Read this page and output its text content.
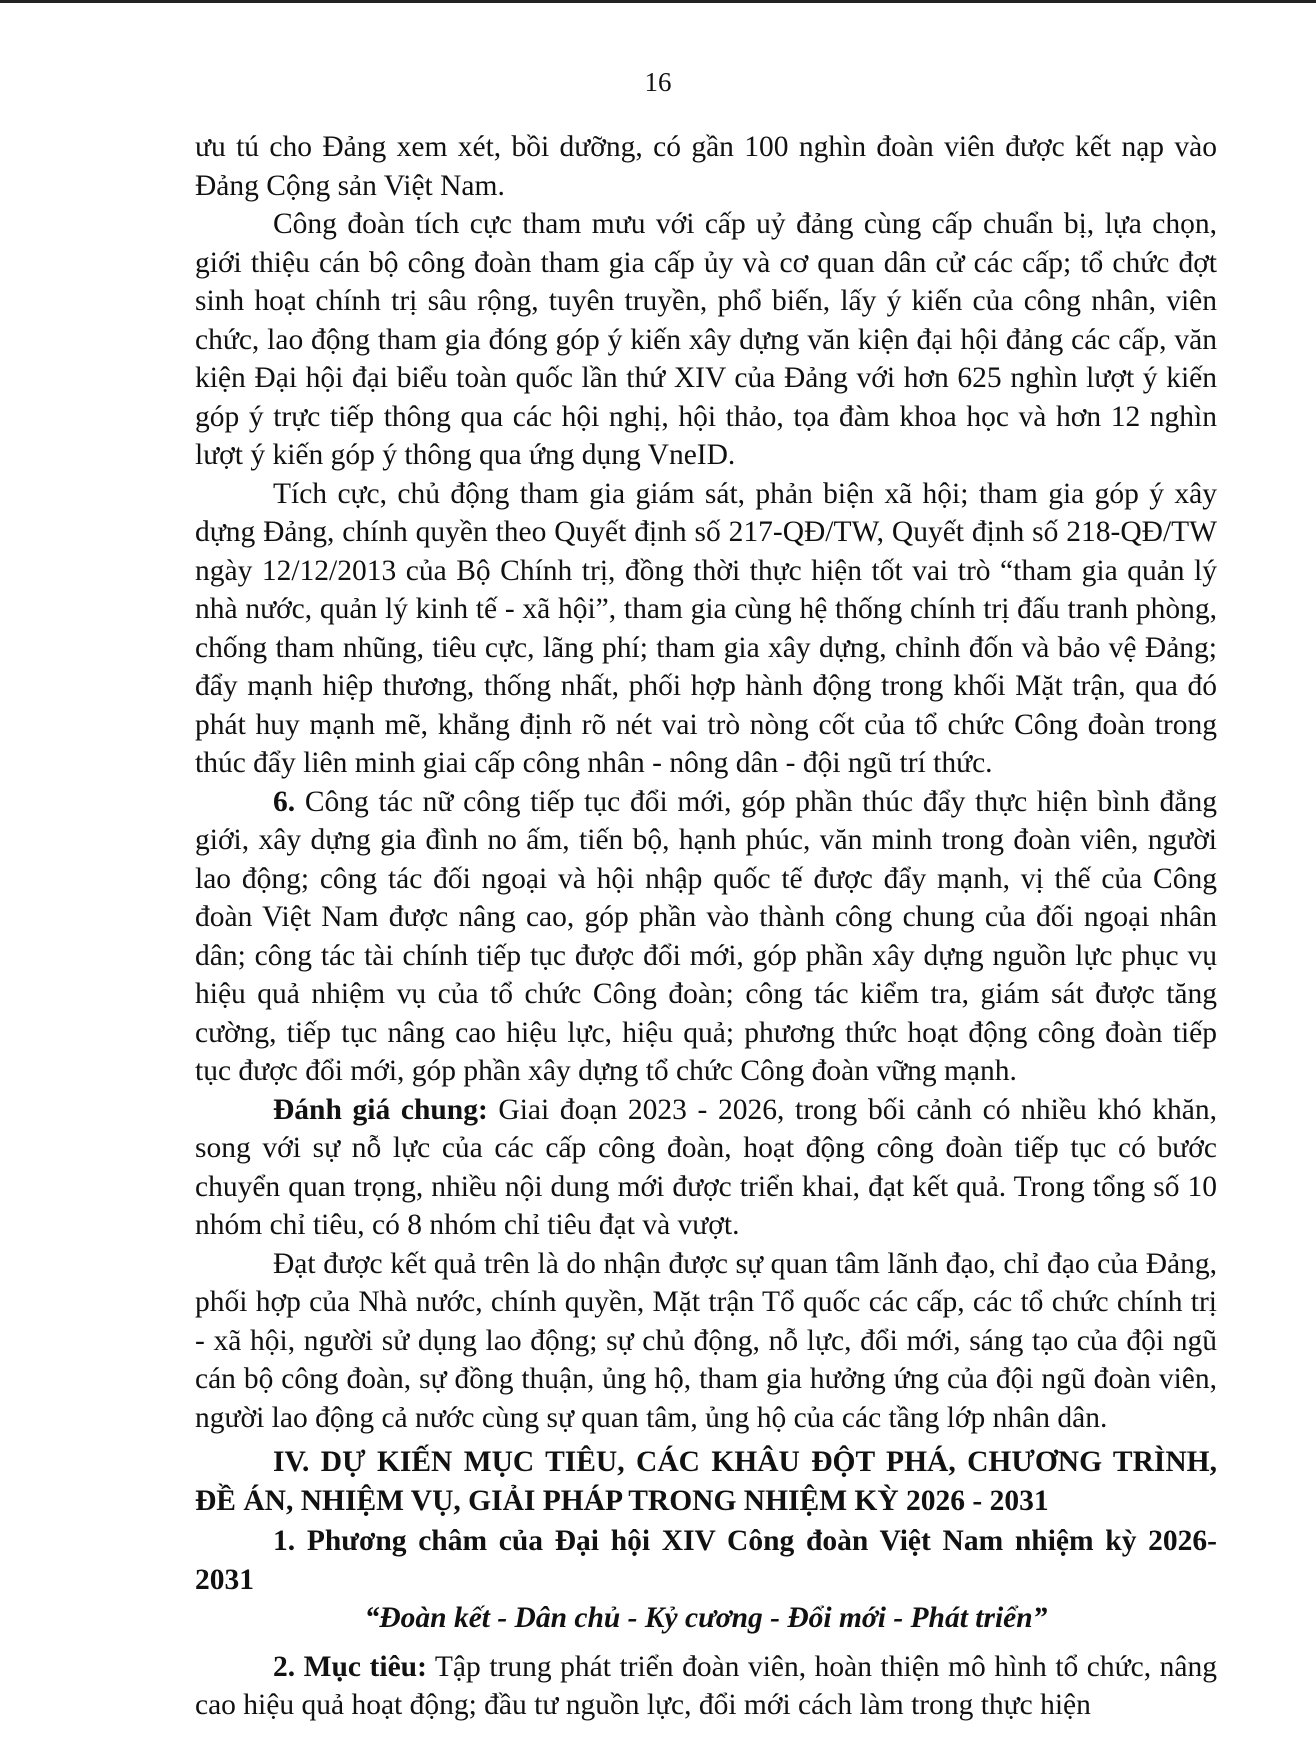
16

ưu tú cho Đảng xem xét, bồi dưỡng, có gần 100 nghìn đoàn viên được kết nạp vào Đảng Cộng sản Việt Nam.

Công đoàn tích cực tham mưu với cấp uỷ đảng cùng cấp chuẩn bị, lựa chọn, giới thiệu cán bộ công đoàn tham gia cấp ủy và cơ quan dân cử các cấp; tổ chức đợt sinh hoạt chính trị sâu rộng, tuyên truyền, phổ biến, lấy ý kiến của công nhân, viên chức, lao động tham gia đóng góp ý kiến xây dựng văn kiện đại hội đảng các cấp, văn kiện Đại hội đại biểu toàn quốc lần thứ XIV của Đảng với hơn 625 nghìn lượt ý kiến góp ý trực tiếp thông qua các hội nghị, hội thảo, tọa đàm khoa học và hơn 12 nghìn lượt ý kiến góp ý thông qua ứng dụng VneID.

Tích cực, chủ động tham gia giám sát, phản biện xã hội; tham gia góp ý xây dựng Đảng, chính quyền theo Quyết định số 217-QĐ/TW, Quyết định số 218-QĐ/TW ngày 12/12/2013 của Bộ Chính trị, đồng thời thực hiện tốt vai trò “tham gia quản lý nhà nước, quản lý kinh tế - xã hội”, tham gia cùng hệ thống chính trị đấu tranh phòng, chống tham nhũng, tiêu cực, lãng phí; tham gia xây dựng, chỉnh đốn và bảo vệ Đảng; đẩy mạnh hiệp thương, thống nhất, phối hợp hành động trong khối Mặt trận, qua đó phát huy mạnh mẽ, khẳng định rõ nét vai trò nòng cốt của tổ chức Công đoàn trong thúc đẩy liên minh giai cấp công nhân - nông dân - đội ngũ trí thức.

6. Công tác nữ công tiếp tục đổi mới, góp phần thúc đẩy thực hiện bình đẳng giới, xây dựng gia đình no ấm, tiến bộ, hạnh phúc, văn minh trong đoàn viên, người lao động; công tác đối ngoại và hội nhập quốc tế được đẩy mạnh, vị thế của Công đoàn Việt Nam được nâng cao, góp phần vào thành công chung của đối ngoại nhân dân; công tác tài chính tiếp tục được đổi mới, góp phần xây dựng nguồn lực phục vụ hiệu quả nhiệm vụ của tổ chức Công đoàn; công tác kiểm tra, giám sát được tăng cường, tiếp tục nâng cao hiệu lực, hiệu quả; phương thức hoạt động công đoàn tiếp tục được đổi mới, góp phần xây dựng tổ chức Công đoàn vững mạnh.

Đánh giá chung: Giai đoạn 2023 - 2026, trong bối cảnh có nhiều khó khăn, song với sự nỗ lực của các cấp công đoàn, hoạt động công đoàn tiếp tục có bước chuyển quan trọng, nhiều nội dung mới được triển khai, đạt kết quả. Trong tổng số 10 nhóm chỉ tiêu, có 8 nhóm chỉ tiêu đạt và vượt.

Đạt được kết quả trên là do nhận được sự quan tâm lãnh đạo, chỉ đạo của Đảng, phối hợp của Nhà nước, chính quyền, Mặt trận Tổ quốc các cấp, các tổ chức chính trị - xã hội, người sử dụng lao động; sự chủ động, nỗ lực, đổi mới, sáng tạo của đội ngũ cán bộ công đoàn, sự đồng thuận, ủng hộ, tham gia hưởng ứng của đội ngũ đoàn viên, người lao động cả nước cùng sự quan tâm, ủng hộ của các tầng lớp nhân dân.

IV. DỰ KIẾN MỤC TIÊU, CÁC KHÂU ĐỘT PHÁ, CHƯƠNG TRÌNH, ĐỀ ÁN, NHIỆM VỤ, GIẢI PHÁP TRONG NHIỆM KỲ 2026 - 2031

1. Phương châm của Đại hội XIV Công đoàn Việt Nam nhiệm kỳ 2026-2031

“Đoàn kết - Dân chủ - Kỷ cương - Đổi mới - Phát triển”

2. Mục tiêu: Tập trung phát triển đoàn viên, hoàn thiện mô hình tổ chức, nâng cao hiệu quả hoạt động; đầu tư nguồn lực, đổi mới cách làm trong thực hiện
